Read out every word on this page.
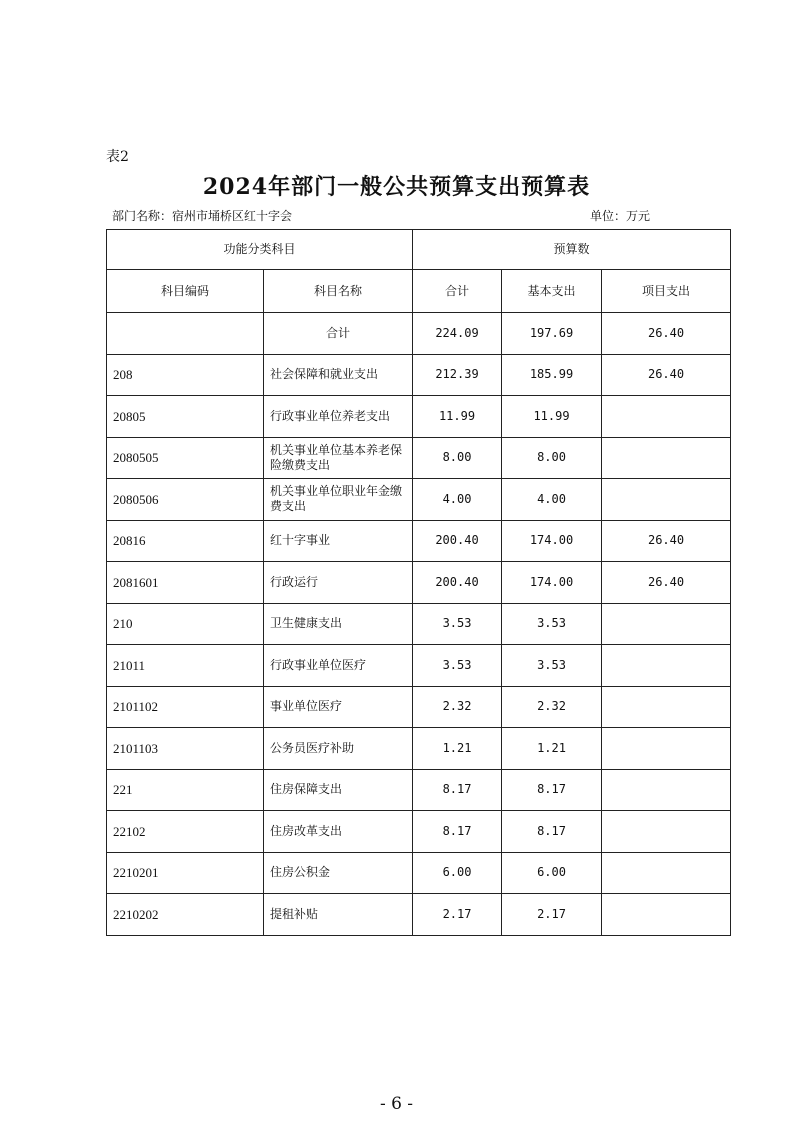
表2
2024年部门一般公共预算支出预算表
部门名称：宿州市埇桥区红十字会	单位：万元
功能分类科目		预算数		
科目编码	科目名称	合计	基本支出	项目支出
	合计	224.09	197.69	26.40
208	社会保障和就业支出	212.39	185.99	26.40
20805	行政事业单位养老支出	11.99	11.99	
2080505	机关事业单位基本养老保险缴费支出	8.00	8.00	
2080506	机关事业单位职业年金缴费支出	4.00	4.00	
20816	红十字事业	200.40	174.00	26.40
2081601	行政运行	200.40	174.00	26.40
210	卫生健康支出	3.53	3.53	
21011	行政事业单位医疗	3.53	3.53	
2101102	事业单位医疗	2.32	2.32	
2101103	公务员医疗补助	1.21	1.21	
221	住房保障支出	8.17	8.17	
22102	住房改革支出	8.17	8.17	
2210201	住房公积金	6.00	6.00	
2210202	提租补贴	2.17	2.17	
- 6 -
